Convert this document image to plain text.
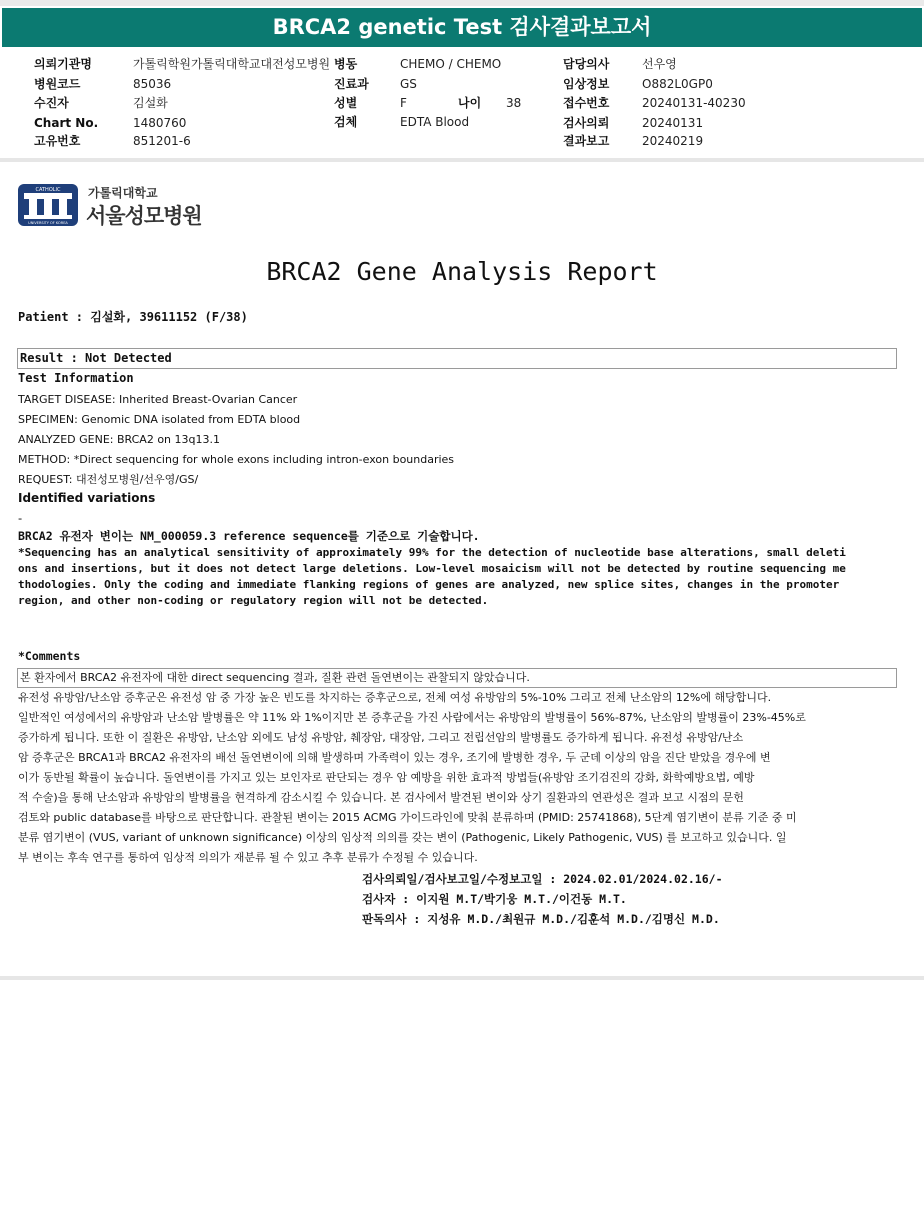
BRCA2 genetic Test 검사결과보고서
의뢰기관명	가톨릭학원가톨릭대학교대전성모병원
병원코드	85036
수진자	김설화
Chart No.	1480760
고유번호	851201-6
병동	CHEMO / CHEMO
진료과	GS
성별	F	나이 38
검체	EDTA Blood
담당의사	선우영
임상정보	O882L0GP0
접수번호	20240131-40230
검사의뢰	20240131
결과보고	20240219
CATHOLIC
UNIVERSITY OF KOREA
가톨릭대학교
서울성모병원
BRCA2 Gene Analysis Report
Patient : 김설화, 39611152 (F/38)
Result : Not Detected
Test Information
TARGET DISEASE: Inherited Breast-Ovarian Cancer
SPECIMEN: Genomic DNA isolated from EDTA blood
ANALYZED GENE: BRCA2 on 13q13.1
METHOD: *Direct sequencing for whole exons including intron-exon boundaries
REQUEST: 대전성모병원/선우영/GS/
Identified variations
-
BRCA2 유전자 변이는 NM_000059.3 reference sequence를 기준으로 기술합니다.
*Sequencing has an analytical sensitivity of approximately 99% for the detection of nucleotide base alterations, small deleti
ons and insertions, but it does not detect large deletions. Low-level mosaicism will not be detected by routine sequencing me
thodologies. Only the coding and immediate flanking regions of genes are analyzed, new splice sites, changes in the promoter
region, and other non-coding or regulatory region will not be detected.
*Comments
본 환자에서 BRCA2 유전자에 대한 direct sequencing 결과, 질환 관련 돌연변이는 관찰되지 않았습니다.
유전성 유방암/난소암 증후군은 유전성 암 중 가장 높은 빈도를 차지하는 증후군으로, 전체 여성 유방암의 5%-10% 그리고 전체 난소암의 12%에 해당합니다.
일반적인 여성에서의 유방암과 난소암 발병률은 약 11% 와 1%이지만 본 증후군을 가진 사람에서는 유방암의 발병률이 56%-87%, 난소암의 발병률이 23%-45%로
증가하게 됩니다. 또한 이 질환은 유방암, 난소암 외에도 남성 유방암, 췌장암, 대장암, 그리고 전립선암의 발병률도 증가하게 됩니다. 유전성 유방암/난소
암 증후군은 BRCA1과 BRCA2 유전자의 배선 돌연변이에 의해 발생하며 가족력이 있는 경우, 조기에 발병한 경우, 두 군데 이상의 암을 진단 받았을 경우에 변
이가 동반될 확률이 높습니다. 돌연변이를 가지고 있는 보인자로 판단되는 경우 암 예방을 위한 효과적 방법들(유방암 조기검진의 강화, 화학예방요법, 예방
적 수술)을 통해 난소암과 유방암의 발병률을 현격하게 감소시킬 수 있습니다. 본 검사에서 발견된 변이와 상기 질환과의 연관성은 결과 보고 시점의 문헌
검토와 public database를 바탕으로 판단합니다. 관찰된 변이는 2015 ACMG 가이드라인에 맞춰 분류하며 (PMID: 25741868), 5단계 염기변이 분류 기준 중 미
분류 염기변이 (VUS, variant of unknown significance) 이상의 임상적 의의를 갖는 변이 (Pathogenic, Likely Pathogenic, VUS) 를 보고하고 있습니다. 일
부 변이는 후속 연구를 통하여 임상적 의의가 재분류 될 수 있고 추후 분류가 수정될 수 있습니다.
검사의뢰일/검사보고일/수정보고일 : 2024.02.01/2024.02.16/-
검사자 : 이지원 M.T/박기웅 M.T./이건동 M.T.
판독의사 : 지성유 M.D./최원규 M.D./김훈석 M.D./김명신 M.D.
